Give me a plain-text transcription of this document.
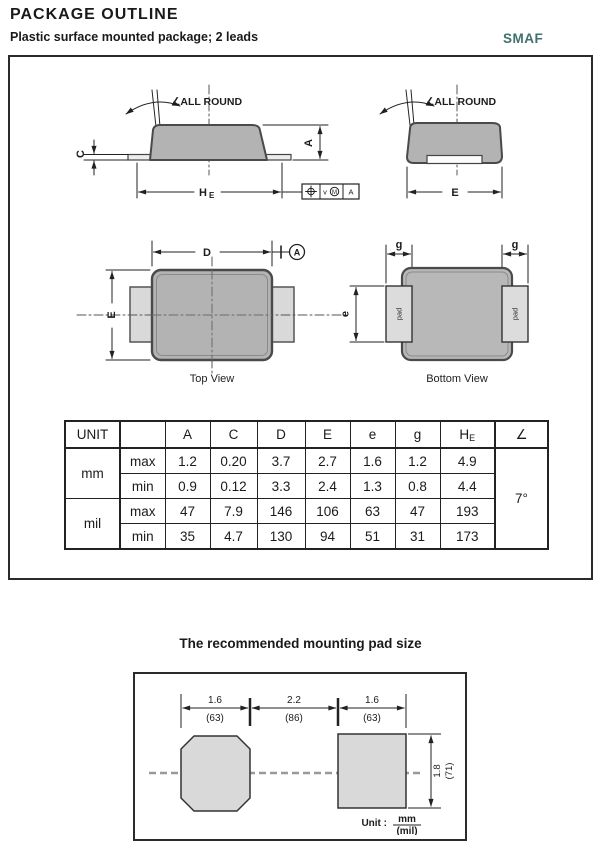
PACKAGE OUTLINE
Plastic surface mounted package; 2 leads	SMAF
∠ALL ROUND
C
A
H E	v M A
∠ALL ROUND
E
D	A
E
Top View
g	g
pad	pad
e
Bottom View
UNIT		A	C	D	E	e	g	$H_E$	∠
mm	max	1.2	0.20	3.7	2.7	1.6	1.2	4.9	7°
	min	0.9	0.12	3.3	2.4	1.3	0.8	4.4	
mil	max	47	7.9	146	106	63	47	193	
	min	35	4.7	130	94	51	31	173	
The recommended mounting pad size
1.6
(63)
2.2
(86)
1.6
(63)
1.8 (71)
Unit : mm
(mil)
